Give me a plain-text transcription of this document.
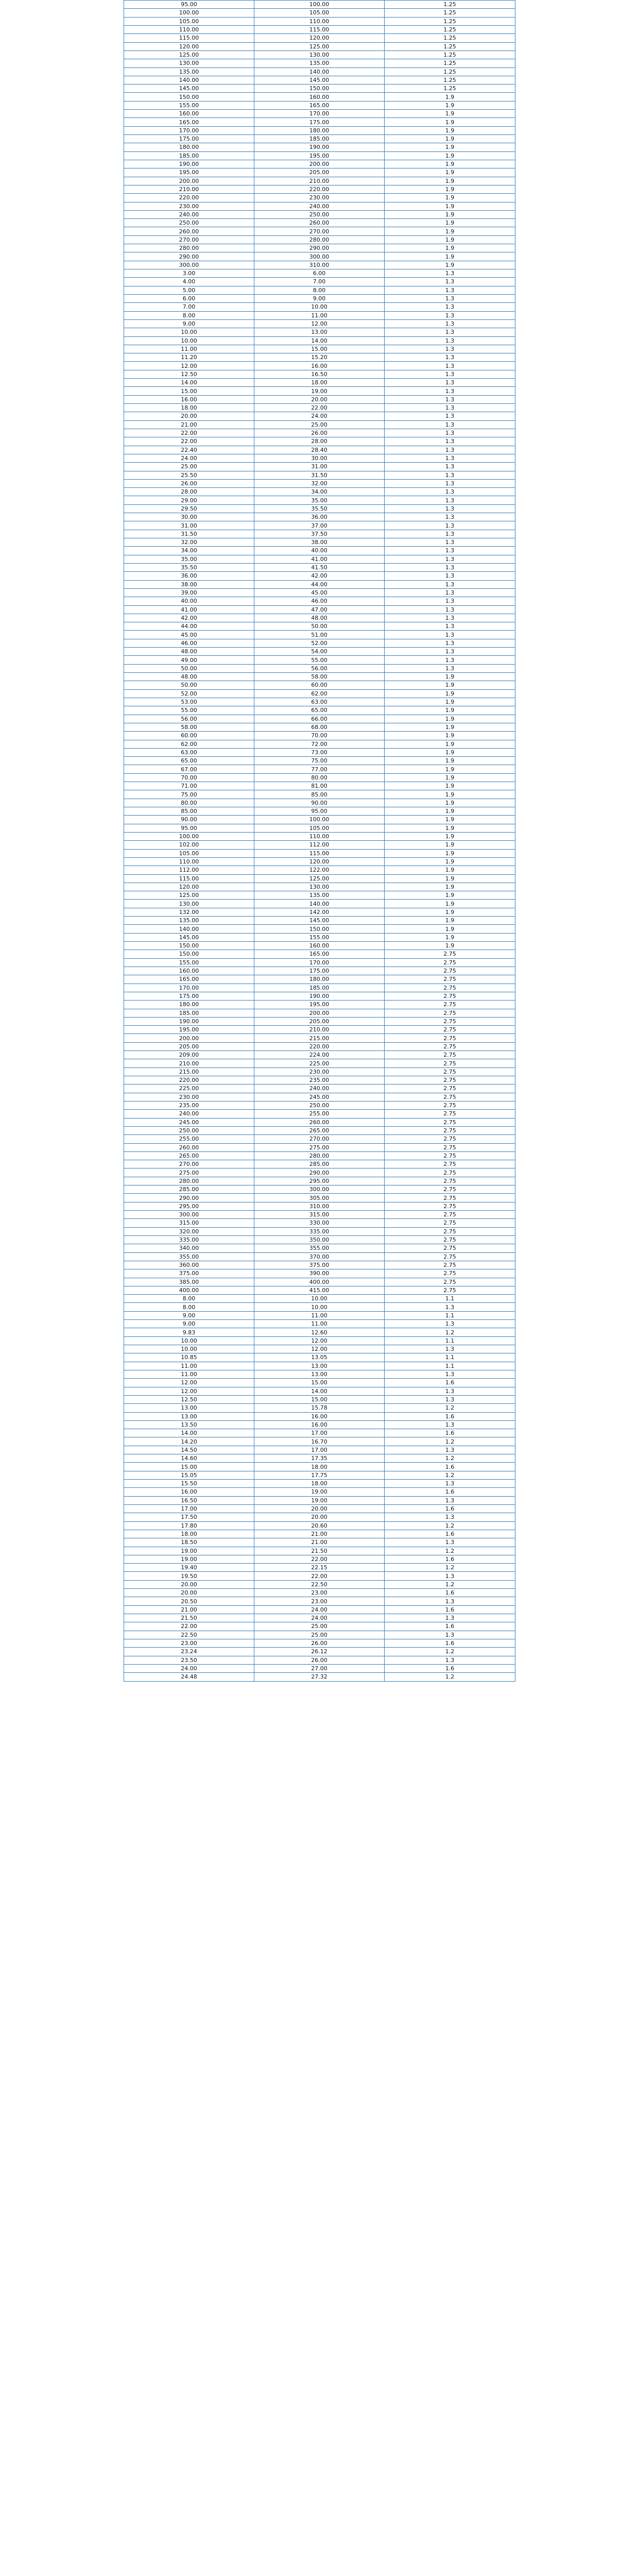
95.00	100.00	1.25
100.00	105.00	1.25
105.00	110.00	1.25
110.00	115.00	1.25
115.00	120.00	1.25
120.00	125.00	1.25
125.00	130.00	1.25
130.00	135.00	1.25
135.00	140.00	1.25
140.00	145.00	1.25
145.00	150.00	1.25
150.00	160.00	1.9
155.00	165.00	1.9
160.00	170.00	1.9
165.00	175.00	1.9
170.00	180.00	1.9
175.00	185.00	1.9
180.00	190.00	1.9
185.00	195.00	1.9
190.00	200.00	1.9
195.00	205.00	1.9
200.00	210.00	1.9
210.00	220.00	1.9
220.00	230.00	1.9
230.00	240.00	1.9
240.00	250.00	1.9
250.00	260.00	1.9
260.00	270.00	1.9
270.00	280.00	1.9
280.00	290.00	1.9
290.00	300.00	1.9
300.00	310.00	1.9
3.00	6.00	1.3
4.00	7.00	1.3
5.00	8.00	1.3
6.00	9.00	1.3
7.00	10.00	1.3
8.00	11.00	1.3
9.00	12.00	1.3
10.00	13.00	1.3
10.00	14.00	1.3
11.00	15.00	1.3
11.20	15.20	1.3
12.00	16.00	1.3
12.50	16.50	1.3
14.00	18.00	1.3
15.00	19.00	1.3
16.00	20.00	1.3
18.00	22.00	1.3
20.00	24.00	1.3
21.00	25.00	1.3
22.00	26.00	1.3
22.00	28.00	1.3
22.40	28.40	1.3
24.00	30.00	1.3
25.00	31.00	1.3
25.50	31.50	1.3
26.00	32.00	1.3
28.00	34.00	1.3
29.00	35.00	1.3
29.50	35.50	1.3
30.00	36.00	1.3
31.00	37.00	1.3
31.50	37.50	1.3
32.00	38.00	1.3
34.00	40.00	1.3
35.00	41.00	1.3
35.50	41.50	1.3
36.00	42.00	1.3
38.00	44.00	1.3
39.00	45.00	1.3
40.00	46.00	1.3
41.00	47.00	1.3
42.00	48.00	1.3
44.00	50.00	1.3
45.00	51.00	1.3
46.00	52.00	1.3
48.00	54.00	1.3
49.00	55.00	1.3
50.00	56.00	1.3
48.00	58.00	1.9
50.00	60.00	1.9
52.00	62.00	1.9
53.00	63.00	1.9
55.00	65.00	1.9
56.00	66.00	1.9
58.00	68.00	1.9
60.00	70.00	1.9
62.00	72.00	1.9
63.00	73.00	1.9
65.00	75.00	1.9
67.00	77.00	1.9
70.00	80.00	1.9
71.00	81.00	1.9
75.00	85.00	1.9
80.00	90.00	1.9
85.00	95.00	1.9
90.00	100.00	1.9
95.00	105.00	1.9
100.00	110.00	1.9
102.00	112.00	1.9
105.00	115.00	1.9
110.00	120.00	1.9
112.00	122.00	1.9
115.00	125.00	1.9
120.00	130.00	1.9
125.00	135.00	1.9
130.00	140.00	1.9
132.00	142.00	1.9
135.00	145.00	1.9
140.00	150.00	1.9
145.00	155.00	1.9
150.00	160.00	1.9
150.00	165.00	2.75
155.00	170.00	2.75
160.00	175.00	2.75
165.00	180.00	2.75
170.00	185.00	2.75
175.00	190.00	2.75
180.00	195.00	2.75
185.00	200.00	2.75
190.00	205.00	2.75
195.00	210.00	2.75
200.00	215.00	2.75
205.00	220.00	2.75
209.00	224.00	2.75
210.00	225.00	2.75
215.00	230.00	2.75
220.00	235.00	2.75
225.00	240.00	2.75
230.00	245.00	2.75
235.00	250.00	2.75
240.00	255.00	2.75
245.00	260.00	2.75
250.00	265.00	2.75
255.00	270.00	2.75
260.00	275.00	2.75
265.00	280.00	2.75
270.00	285.00	2.75
275.00	290.00	2.75
280.00	295.00	2.75
285.00	300.00	2.75
290.00	305.00	2.75
295.00	310.00	2.75
300.00	315.00	2.75
315.00	330.00	2.75
320.00	335.00	2.75
335.00	350.00	2.75
340.00	355.00	2.75
355.00	370.00	2.75
360.00	375.00	2.75
375.00	390.00	2.75
385.00	400.00	2.75
400.00	415.00	2.75
8.00	10.00	1.1
8.00	10.00	1.3
9.00	11.00	1.1
9.00	11.00	1.3
9.83	12.60	1.2
10.00	12.00	1.1
10.00	12.00	1.3
10.85	13.05	1.1
11.00	13.00	1.1
11.00	13.00	1.3
12.00	15.00	1.6
12.00	14.00	1.3
12.50	15.00	1.3
13.00	15.78	1.2
13.00	16.00	1.6
13.50	16.00	1.3
14.00	17.00	1.6
14.20	16.70	1.2
14.50	17.00	1.3
14.60	17.35	1.2
15.00	18.00	1.6
15.05	17.75	1.2
15.50	18.00	1.3
16.00	19.00	1.6
16.50	19.00	1.3
17.00	20.00	1.6
17.50	20.00	1.3
17.80	20.60	1.2
18.00	21.00	1.6
18.50	21.00	1.3
19.00	21.50	1.2
19.00	22.00	1.6
19.40	22.15	1.2
19.50	22.00	1.3
20.00	22.50	1.2
20.00	23.00	1.6
20.50	23.00	1.3
21.00	24.00	1.6
21.50	24.00	1.3
22.00	25.00	1.6
22.50	25.00	1.3
23.00	26.00	1.6
23.24	26.12	1.2
23.50	26.00	1.3
24.00	27.00	1.6
24.48	27.32	1.2
